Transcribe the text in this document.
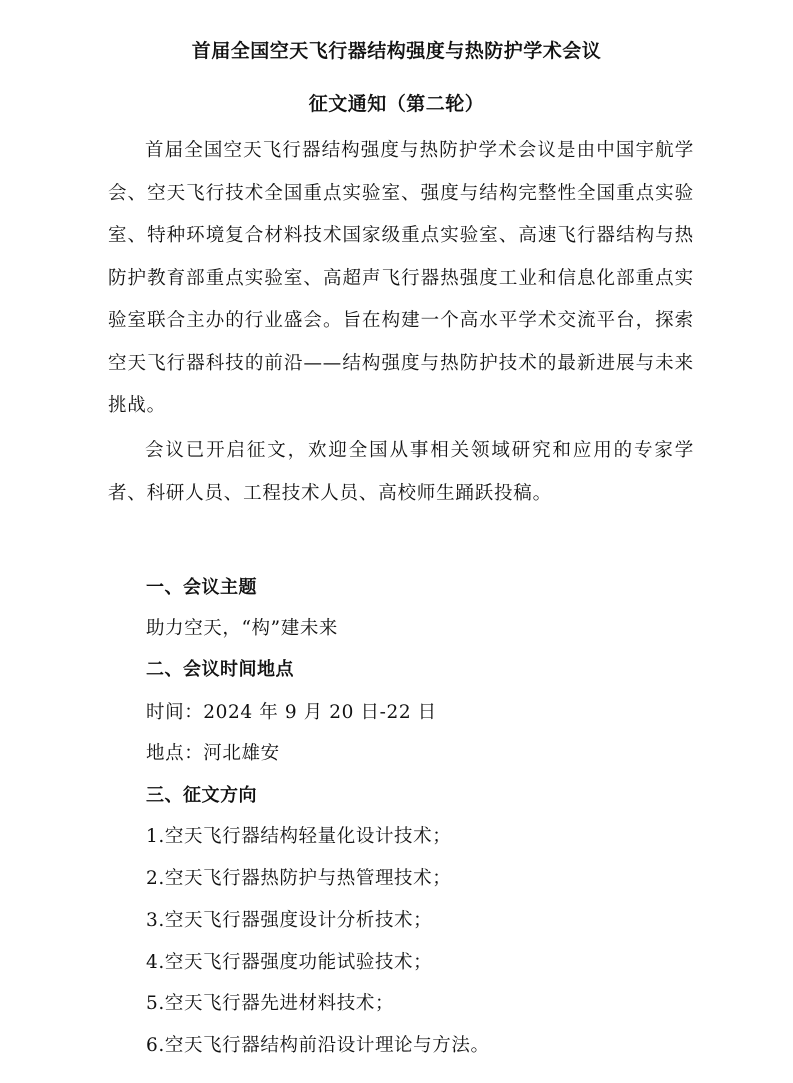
首届全国空天飞行器结构强度与热防护学术会议
征文通知（第二轮）

首届全国空天飞行器结构强度与热防护学术会议是由中国宇航学会、空天飞行技术全国重点实验室、强度与结构完整性全国重点实验室、特种环境复合材料技术国家级重点实验室、高速飞行器结构与热防护教育部重点实验室、高超声飞行器热强度工业和信息化部重点实验室联合主办的行业盛会。旨在构建一个高水平学术交流平台，探索空天飞行器科技的前沿——结构强度与热防护技术的最新进展与未来挑战。

会议已开启征文，欢迎全国从事相关领域研究和应用的专家学者、科研人员、工程技术人员、高校师生踊跃投稿。

一、会议主题
助力空天，“构”建未来
二、会议时间地点
时间：2024 年 9 月 20 日-22 日
地点：河北雄安
三、征文方向
1.空天飞行器结构轻量化设计技术；
2.空天飞行器热防护与热管理技术；
3.空天飞行器强度设计分析技术；
4.空天飞行器强度功能试验技术；
5.空天飞行器先进材料技术；
6.空天飞行器结构前沿设计理论与方法。
